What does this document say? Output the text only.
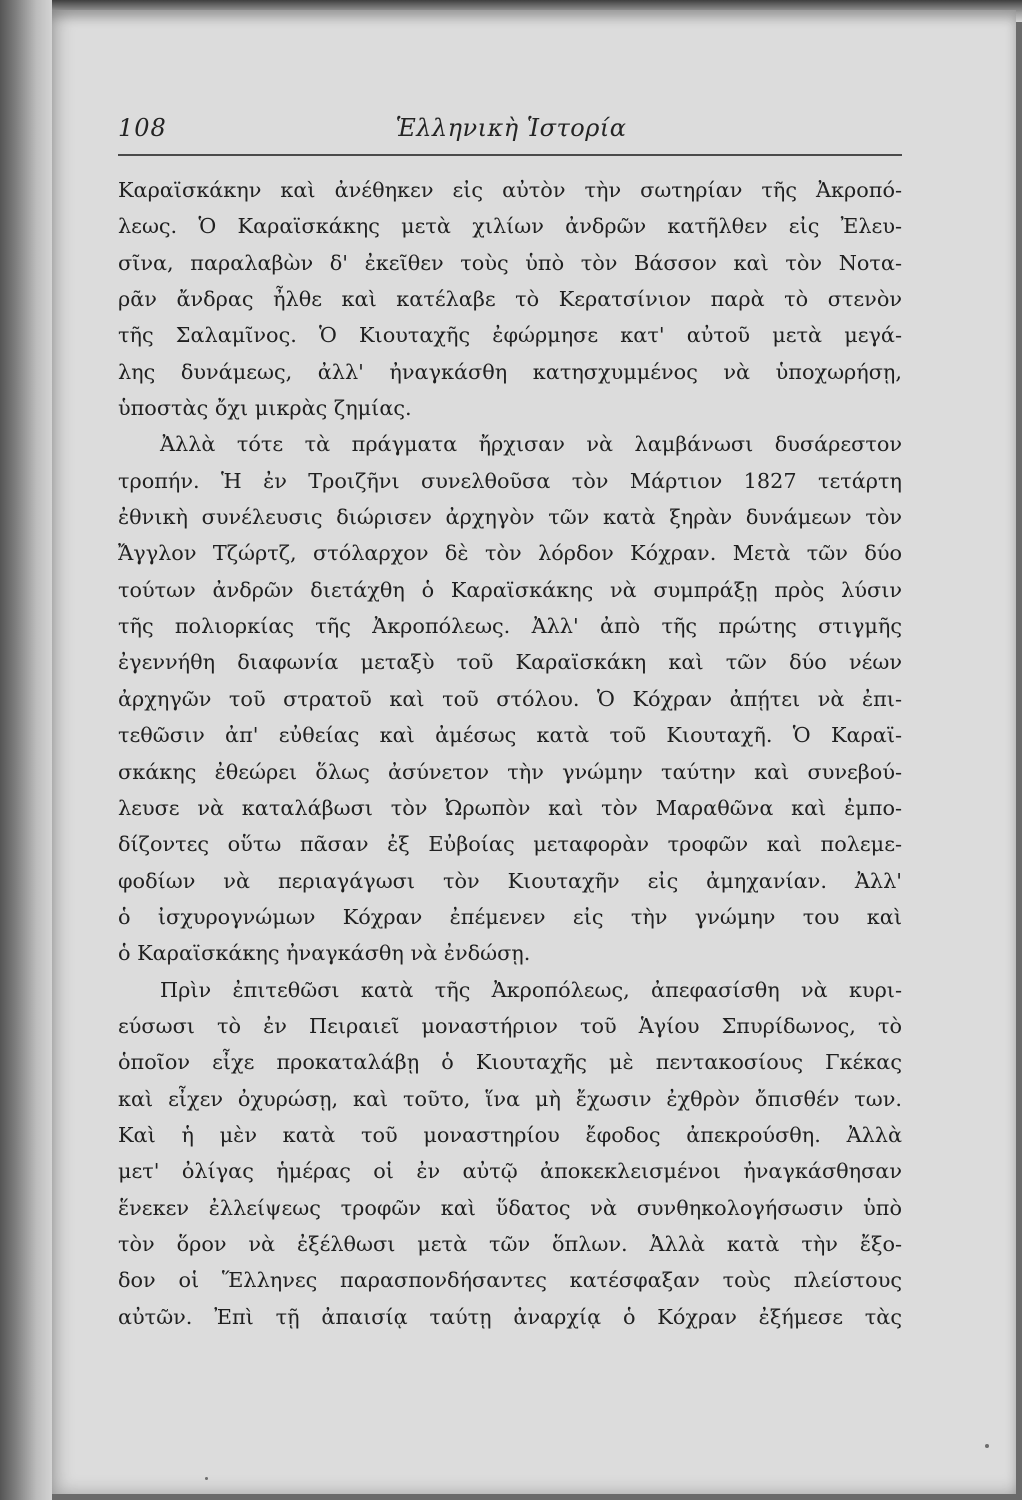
108	Ἑλληνικὴ Ἱστορία
Καραϊσκάκην καὶ ἀνέθηκεν εἰς αὐτὸν τὴν σωτηρίαν τῆς Ἀκροπό-
λεως. Ὁ Καραϊσκάκης μετὰ χιλίων ἀνδρῶν κατῆλθεν εἰς Ἐλευ-
σῖνα, παραλαβὼν δ' ἐκεῖθεν τοὺς ὑπὸ τὸν Βάσσον καὶ τὸν Νοτα-
ρᾶν ἄνδρας ἦλθε καὶ κατέλαβε τὸ Κερατσίνιον παρὰ τὸ στενὸν
τῆς Σαλαμῖνος. Ὁ Κιουταχῆς ἐφώρμησε κατ' αὐτοῦ μετὰ μεγά-
λης δυνάμεως, ἀλλ' ἠναγκάσθη κατησχυμμένος νὰ ὑποχωρήσῃ,
ὑποστὰς ὄχι μικρὰς ζημίας.
Ἀλλὰ τότε τὰ πράγματα ἤρχισαν νὰ λαμβάνωσι δυσάρεστον
τροπήν. Ἡ ἐν Τροιζῆνι συνελθοῦσα τὸν Μάρτιον 1827 τετάρτη
ἐθνικὴ συνέλευσις διώρισεν ἀρχηγὸν τῶν κατὰ ξηρὰν δυνάμεων τὸν
Ἄγγλον Τζώρτζ, στόλαρχον δὲ τὸν λόρδον Κόχραν. Μετὰ τῶν δύο
τούτων ἀνδρῶν διετάχθη ὁ Καραϊσκάκης νὰ συμπράξῃ πρὸς λύσιν
τῆς πολιορκίας τῆς Ἀκροπόλεως. Ἀλλ' ἀπὸ τῆς πρώτης στιγμῆς
ἐγεννήθη διαφωνία μεταξὺ τοῦ Καραϊσκάκη καὶ τῶν δύο νέων
ἀρχηγῶν τοῦ στρατοῦ καὶ τοῦ στόλου. Ὁ Κόχραν ἀπῄτει νὰ ἐπι-
τεθῶσιν ἀπ' εὐθείας καὶ ἀμέσως κατὰ τοῦ Κιουταχῆ. Ὁ Καραϊ-
σκάκης ἐθεώρει ὅλως ἀσύνετον τὴν γνώμην ταύτην καὶ συνεβού-
λευσε νὰ καταλάβωσι τὸν Ὠρωπὸν καὶ τὸν Μαραθῶνα καὶ ἐμπο-
δίζοντες οὕτω πᾶσαν ἐξ Εὐβοίας μεταφορὰν τροφῶν καὶ πολεμε-
φοδίων νὰ περιαγάγωσι τὸν Κιουταχῆν εἰς ἀμηχανίαν. Ἀλλ'
ὁ ἰσχυρογνώμων Κόχραν ἐπέμενεν εἰς τὴν γνώμην του καὶ
ὁ Καραϊσκάκης ἠναγκάσθη νὰ ἐνδώσῃ.
Πρὶν ἐπιτεθῶσι κατὰ τῆς Ἀκροπόλεως, ἀπεφασίσθη νὰ κυρι-
εύσωσι τὸ ἐν Πειραιεῖ μοναστήριον τοῦ Ἁγίου Σπυρίδωνος, τὸ
ὁποῖον εἶχε προκαταλάβῃ ὁ Κιουταχῆς μὲ πεντακοσίους Γκέκας
καὶ εἶχεν ὀχυρώσῃ, καὶ τοῦτο, ἵνα μὴ ἔχωσιν ἐχθρὸν ὄπισθέν των.
Καὶ ἡ μὲν κατὰ τοῦ μοναστηρίου ἔφοδος ἀπεκρούσθη. Ἀλλὰ
μετ' ὀλίγας ἡμέρας οἱ ἐν αὐτῷ ἀποκεκλεισμένοι ἠναγκάσθησαν
ἕνεκεν ἐλλείψεως τροφῶν καὶ ὕδατος νὰ συνθηκολογήσωσιν ὑπὸ
τὸν ὅρον νὰ ἐξέλθωσι μετὰ τῶν ὅπλων. Ἀλλὰ κατὰ τὴν ἔξο-
δον οἱ Ἕλληνες παρασπονδήσαντες κατέσφαξαν τοὺς πλείστους
αὐτῶν. Ἐπὶ τῇ ἀπαισίᾳ ταύτῃ ἀναρχίᾳ ὁ Κόχραν ἐξήμεσε τὰς
